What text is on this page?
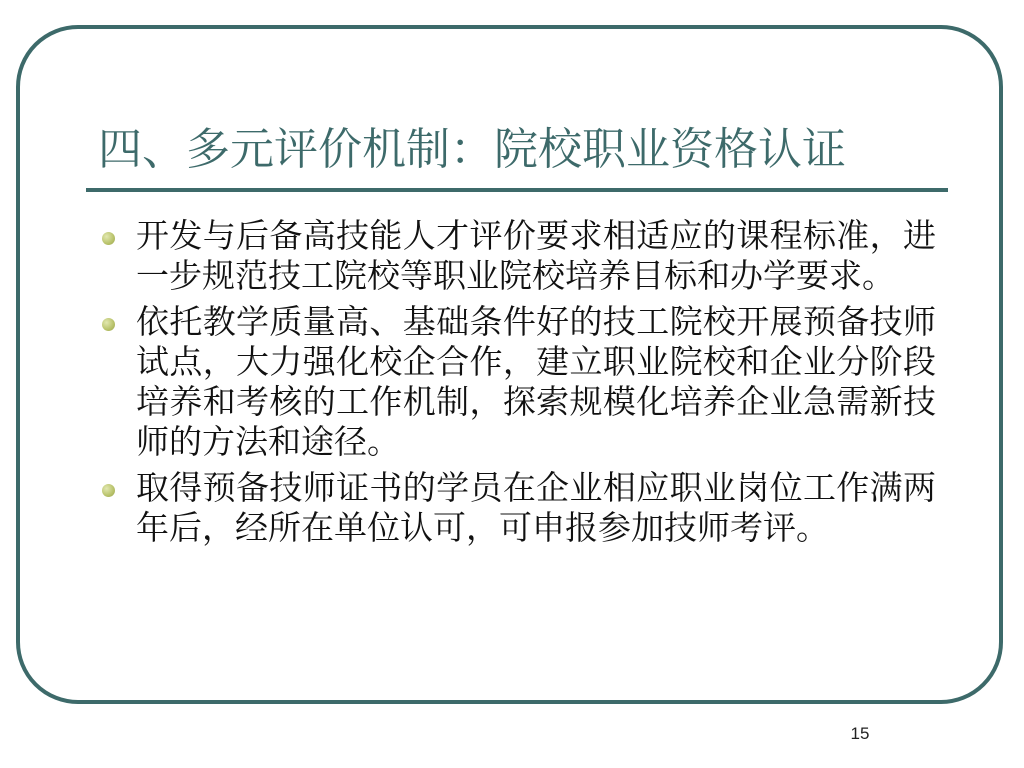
四、多元评价机制：院校职业资格认证
开发与后备高技能人才评价要求相适应的课程标准，进一步规范技工院校等职业院校培养目标和办学要求。
依托教学质量高、基础条件好的技工院校开展预备技师试点，大力强化校企合作，建立职业院校和企业分阶段培养和考核的工作机制，探索规模化培养企业急需新技师的方法和途径。
取得预备技师证书的学员在企业相应职业岗位工作满两年后，经所在单位认可，可申报参加技师考评。
15
